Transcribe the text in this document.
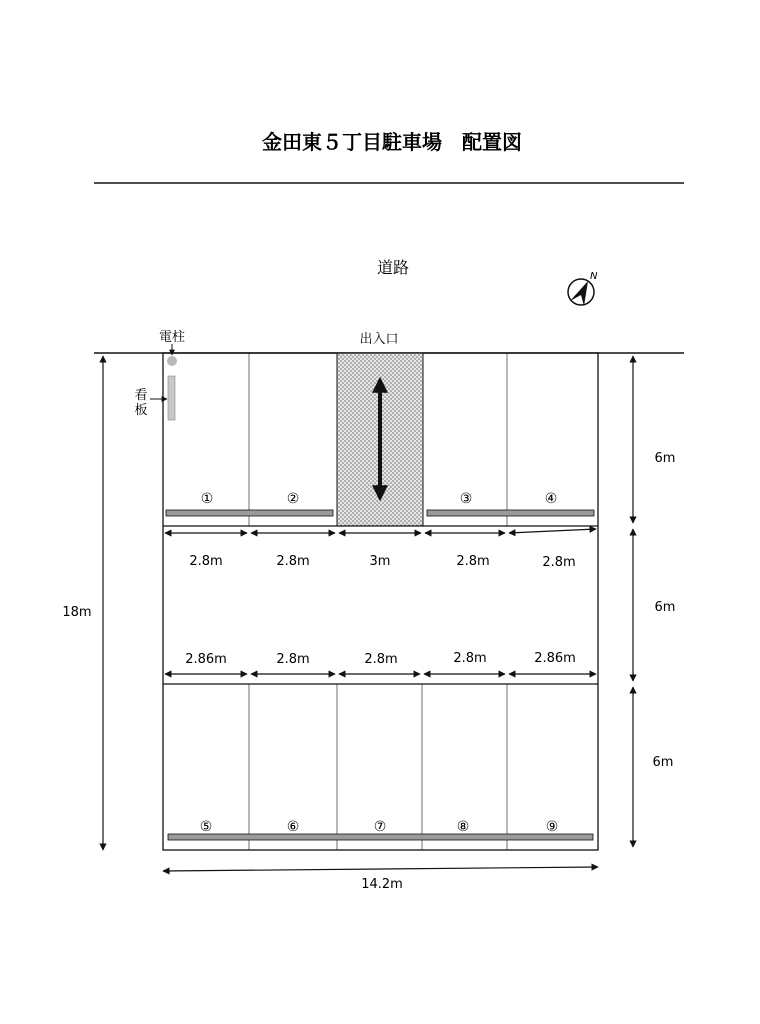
金田東５丁目駐車場　配置図
道路	N
出入口
①	②	③	④
⑤	⑥	⑦	⑧	⑨
電柱
看
板
2.8m	2.8m	3m	2.8m	2.8m
2.86m	2.8m	2.8m	2.8m	2.86m
18m
6m
6m
6m
14.2m
